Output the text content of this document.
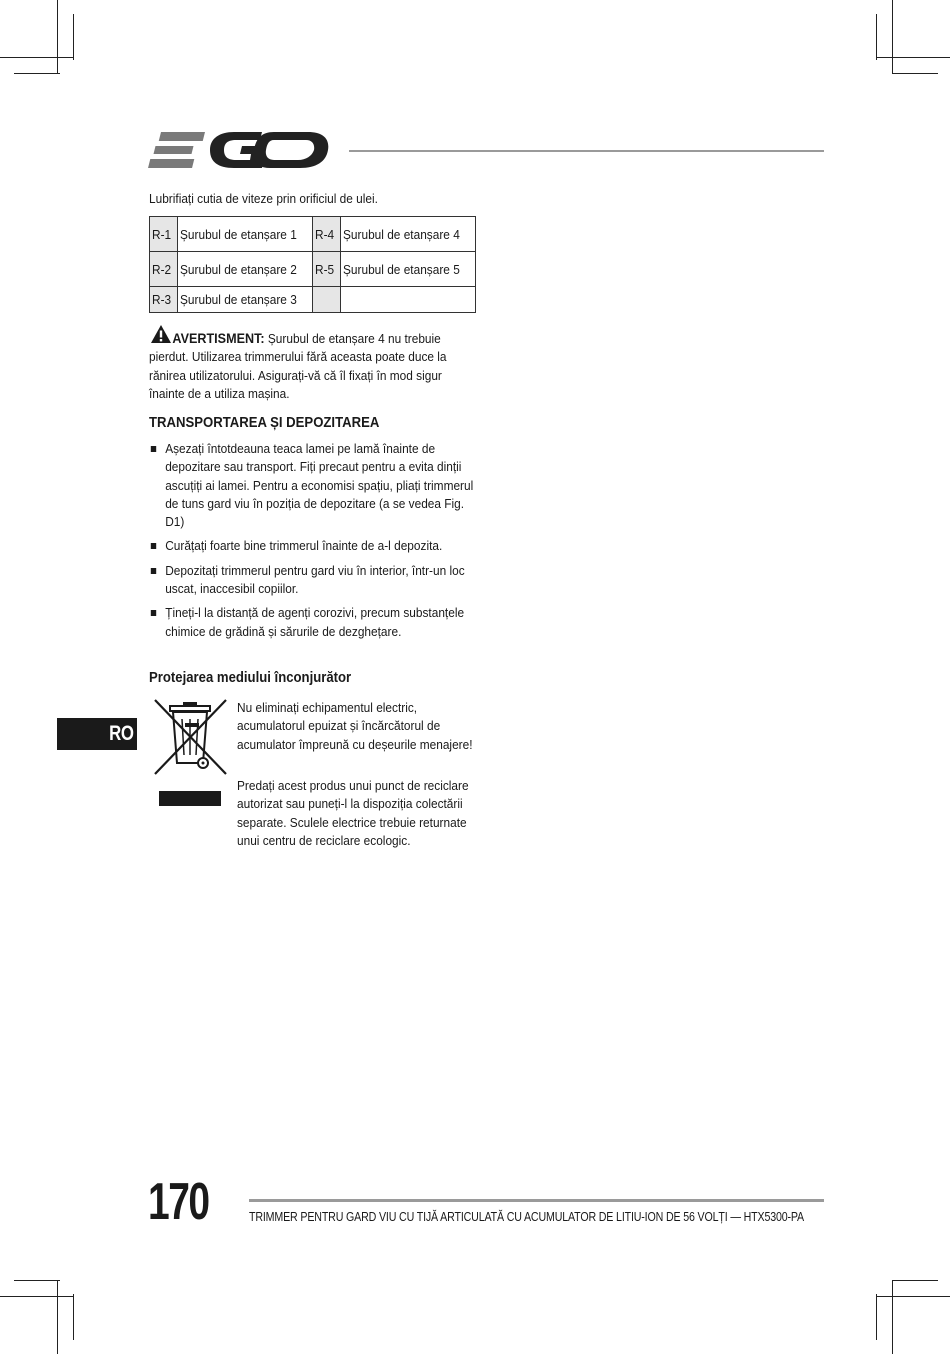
Lubrifiați cutia de viteze prin orificiul de ulei.
R-1	Șurubul de etanșare 1	R-4	Șurubul de etanșare 4
R-2	Șurubul de etanșare 2	R-5	Șurubul de etanșare 5
R-3	Șurubul de etanșare 3		
AVERTISMENT: Șurubul de etanșare 4 nu trebuie pierdut. Utilizarea trimmerului fără aceasta poate duce la rănirea utilizatorului. Asigurați-vă că îl fixați în mod sigur înainte de a utiliza mașina.
TRANSPORTAREA ȘI DEPOZITAREA
Așezați întotdeauna teaca lamei pe lamă înainte de depozitare sau transport. Fiți precaut pentru a evita dinții ascuțiți ai lamei. Pentru a economisi spațiu, pliați trimmerul de tuns gard viu în poziția de depozitare (a se vedea Fig. D1)
Curățați foarte bine trimmerul înainte de a-l depozita.
Depozitați trimmerul pentru gard viu în interior, într-un loc uscat, inaccesibil copiilor.
Țineți-l la distanță de agenți corozivi, precum substanțele chimice de grădină și sărurile de dezghețare.
Protejarea mediului înconjurător
Nu eliminați echipamentul electric, acumulatorul epuizat și încărcătorul de acumulator împreună cu deșeurile menajere!
Predați acest produs unui punct de reciclare autorizat sau puneți-l la dispoziția colectării separate. Sculele electrice trebuie returnate unui centru de reciclare ecologic.
RO
170	TRIMMER PENTRU GARD VIU CU TIJĂ ARTICULATĂ CU ACUMULATOR DE LITIU-ION DE 56 VOLȚI — HTX5300-PA
